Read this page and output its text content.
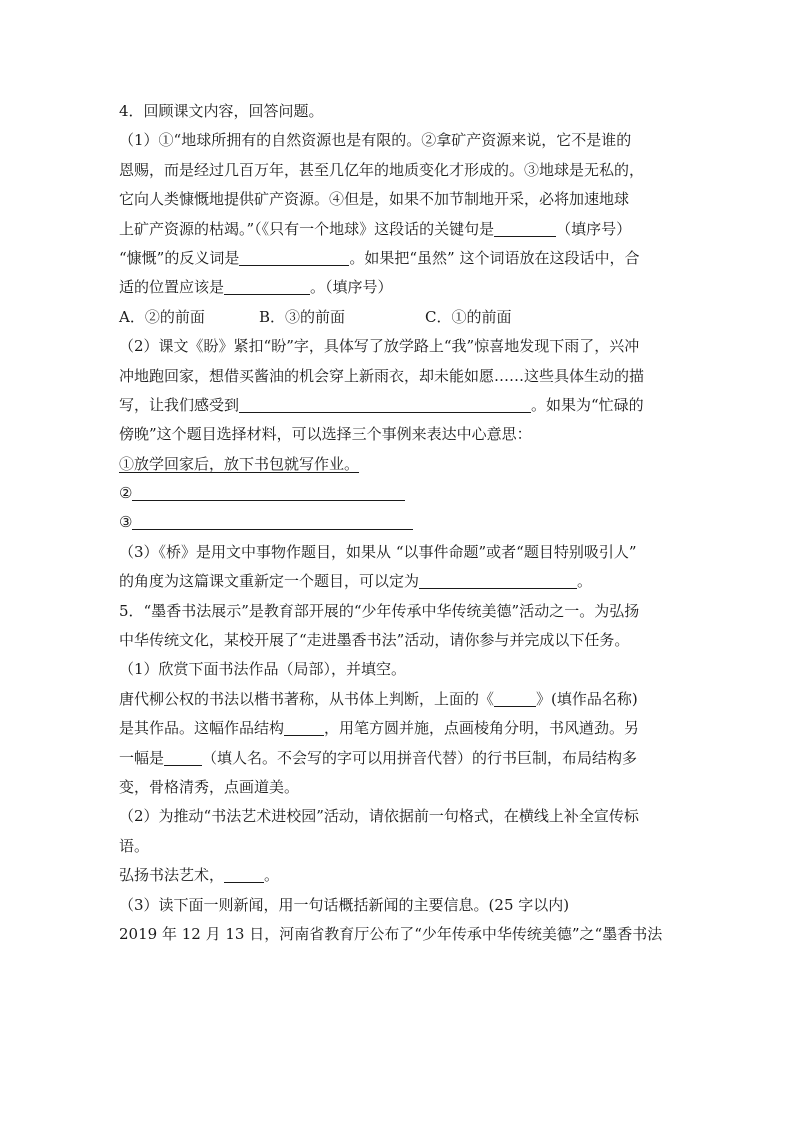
4．回顾课文内容，回答问题。
（1）①“地球所拥有的自然资源也是有限的。②拿矿产资源来说，它不是谁的
恩赐，而是经过几百万年，甚至几亿年的地质变化才形成的。③地球是无私的，
它向人类慷慨地提供矿产资源。④但是，如果不加节制地开采，必将加速地球
上矿产资源的枯竭。”（《只有一个地球》这段话的关键句是	（填序号）
“慷慨”的反义词是	。如果把“虽然” 这个词语放在这段话中，合
适的位置应该是	。（填序号）
A．②的前面	B．③的前面	C．①的前面
（2）课文《盼》紧扣“盼”字，具体写了放学路上“我”惊喜地发现下雨了，兴冲
冲地跑回家，想借买酱油的机会穿上新雨衣，却未能如愿……这些具体生动的描
写，让我们感受到	。如果为“忙碌的
傍晚”这个题目选择材料，可以选择三个事例来表达中心意思：
①放学回家后，放下书包就写作业。
②
③
（3）《桥》是用文中事物作题目，如果从 “以事件命题”或者“题目特别吸引人”
的角度为这篇课文重新定一个题目，可以定为	。
5．“墨香书法展示”是教育部开展的“少年传承中华传统美德”活动之一。为弘扬
中华传统文化，某校开展了“走进墨香书法”活动，请你参与并完成以下任务。
（1）欣赏下面书法作品（局部），并填空。
唐代柳公权的书法以楷书著称，从书体上判断，上面的《	》(填作品名称)
是其作品。这幅作品结构	，用笔方圆并施，点画棱角分明，书风遒劲。另
一幅是	（填人名。不会写的字可以用拼音代替）的行书巨制，布局结构多
变，骨格清秀，点画道美。
（2）为推动“书法艺术进校园”活动，请依据前一句格式，在横线上补全宣传标
语。
弘扬书法艺术，	。
（3）读下面一则新闻，用一句话概括新闻的主要信息。(25 字以内)
2019 年 12 月 13 日，河南省教育厅公布了“少年传承中华传统美德”之“墨香书法
